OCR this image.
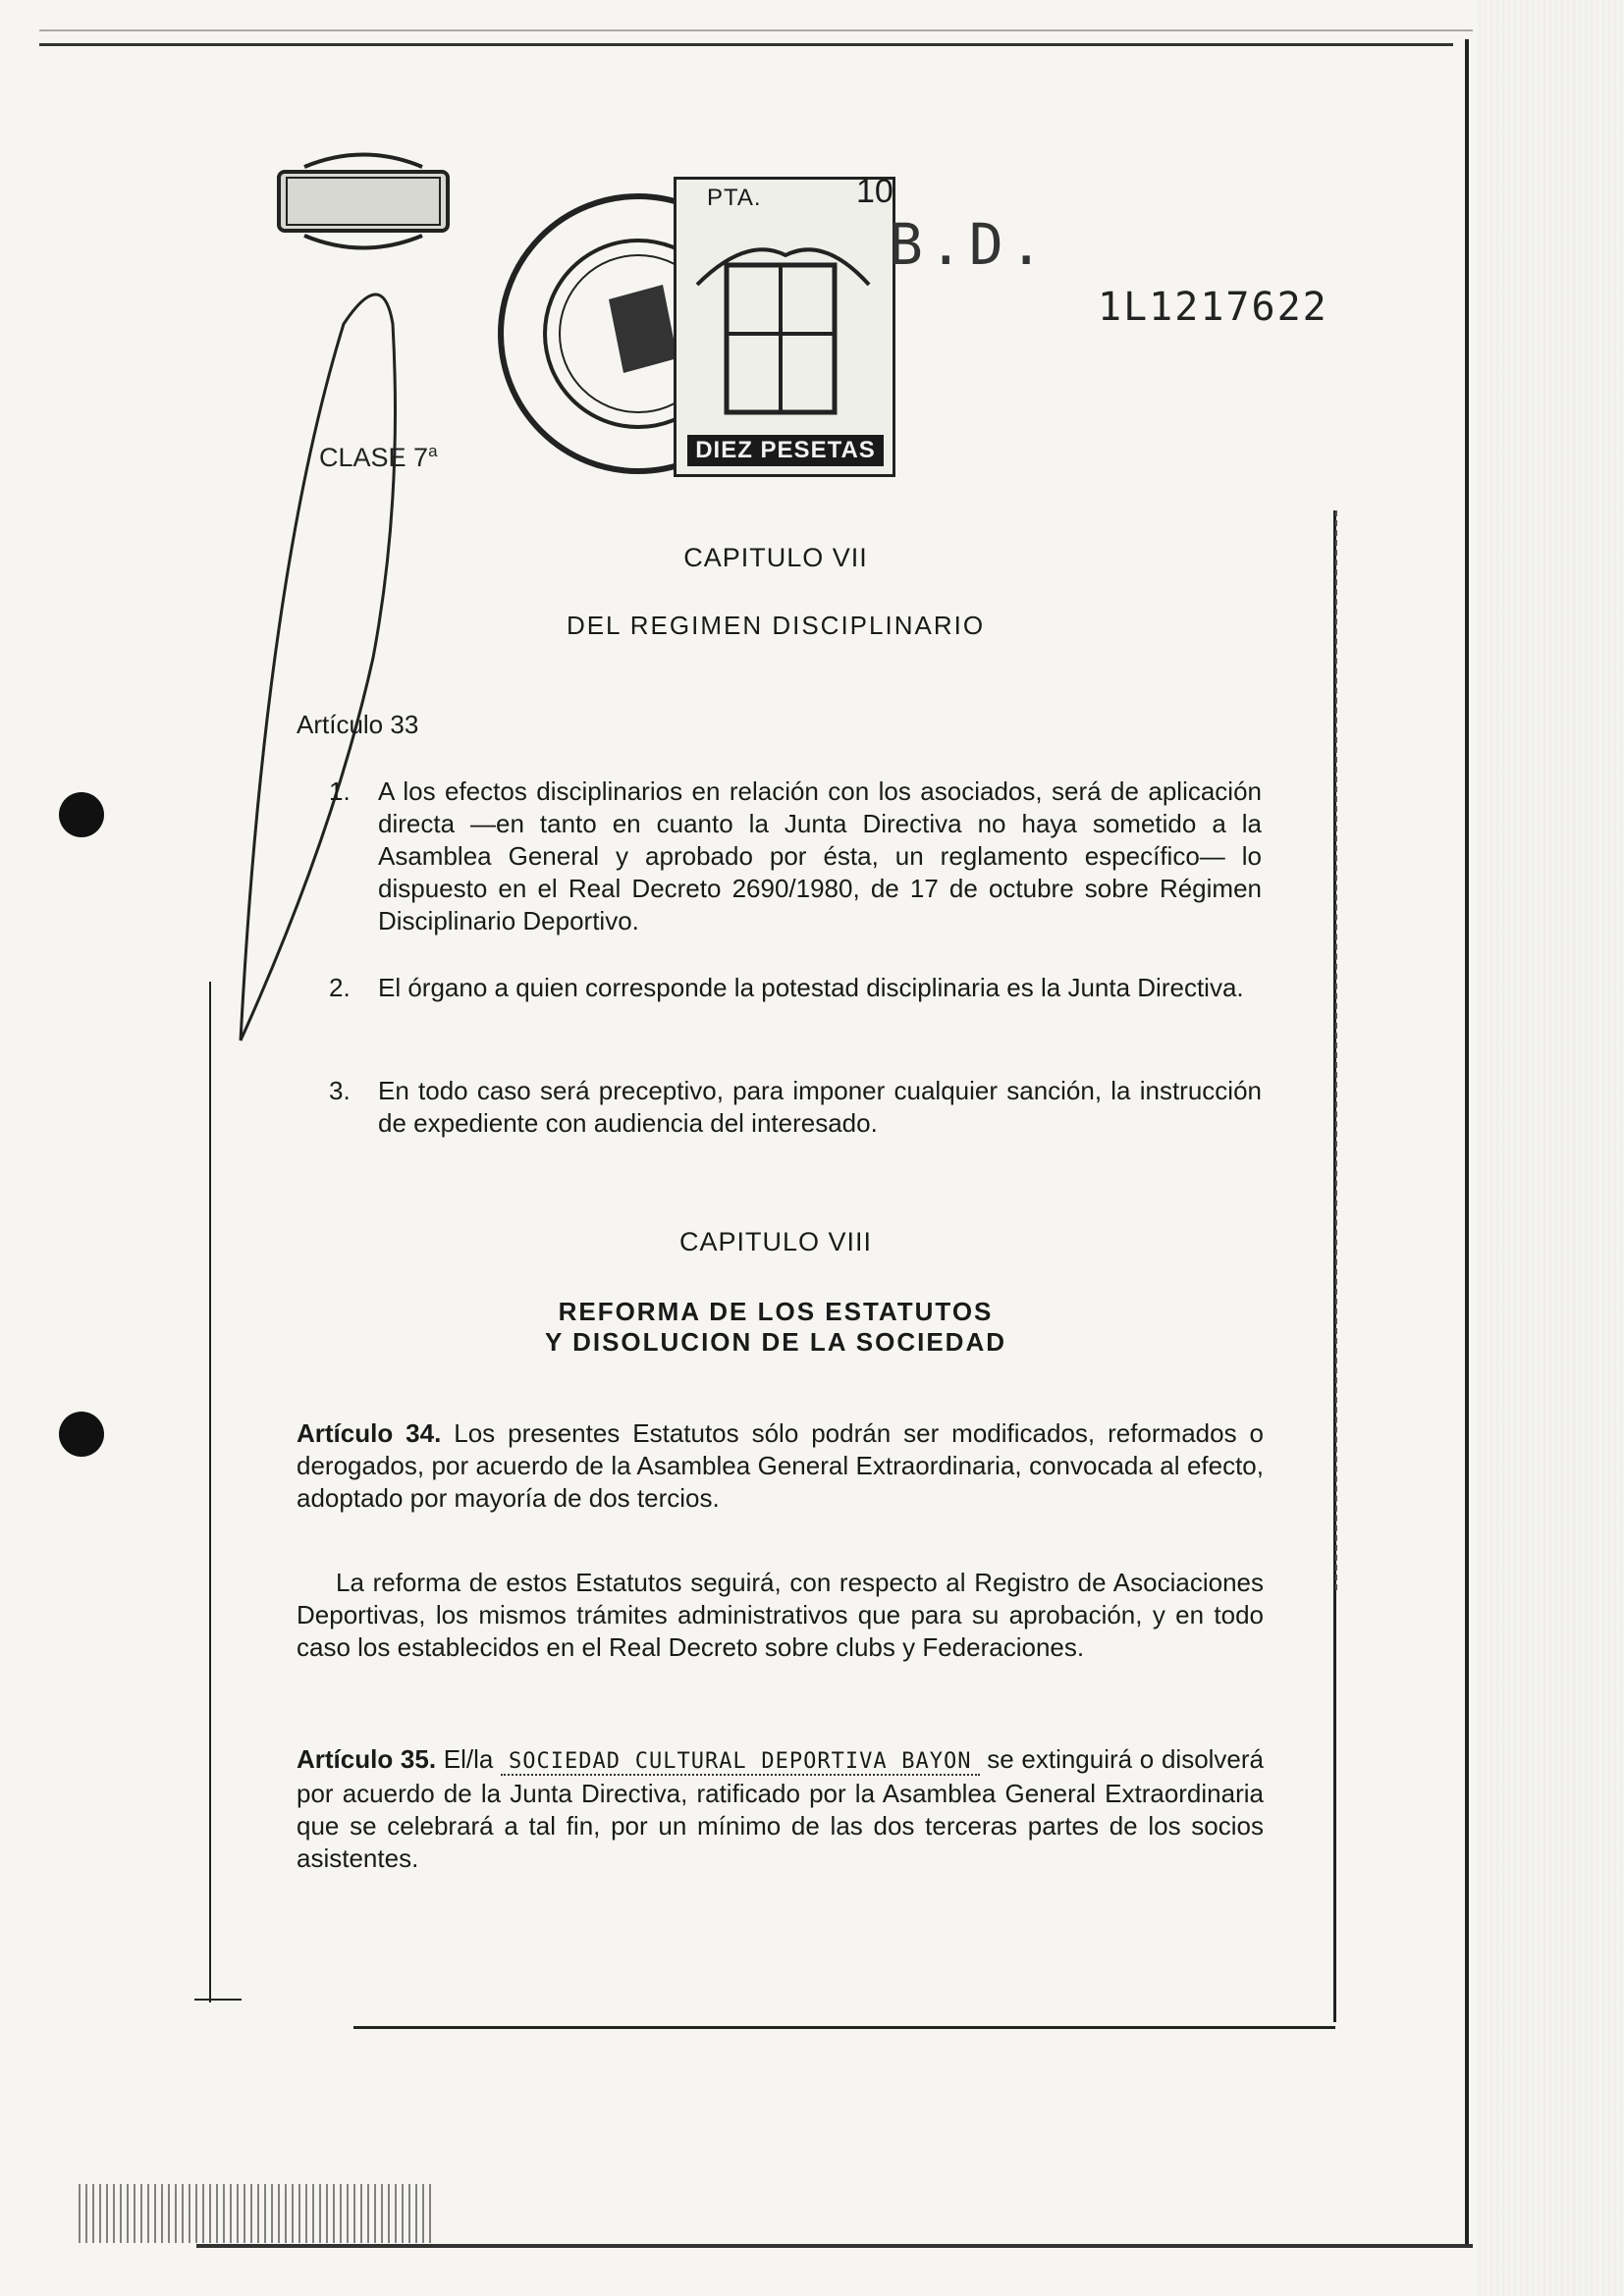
PTA.	10
DIEZ PESETAS
B.D.
1L1217622
CLASE 7$^a$
CAPITULO VII
DEL REGIMEN DISCIPLINARIO
Artículo 33
1. A los efectos disciplinarios en relación con los asociados, será de aplicación directa —en tanto en cuanto la Junta Directiva no haya sometido a la Asamblea General y aprobado por ésta, un reglamento específico— lo dispuesto en el Real Decreto 2690/1980, de 17 de octubre sobre Régimen Disciplinario Deportivo.
2. El órgano a quien corresponde la potestad disciplinaria es la Junta Directiva.
3. En todo caso será preceptivo, para imponer cualquier sanción, la instrucción de expediente con audiencia del interesado.
CAPITULO VIII
REFORMA DE LOS ESTATUTOS
Y DISOLUCION DE LA SOCIEDAD
Artículo 34. Los presentes Estatutos sólo podrán ser modificados, reformados o derogados, por acuerdo de la Asamblea General Extraordinaria, convocada al efecto, adoptado por mayoría de dos tercios.
La reforma de estos Estatutos seguirá, con respecto al Registro de Asociaciones Deportivas, los mismos trámites administrativos que para su aprobación, y en todo caso los establecidos en el Real Decreto sobre clubs y Federaciones.
Artículo 35. El/la SOCIEDAD CULTURAL DEPORTIVA BAYON se extinguirá o disolverá por acuerdo de la Junta Directiva, ratificado por la Asamblea General Extraordinaria que se celebrará a tal fin, por un mínimo de las dos terceras partes de los socios asistentes.
